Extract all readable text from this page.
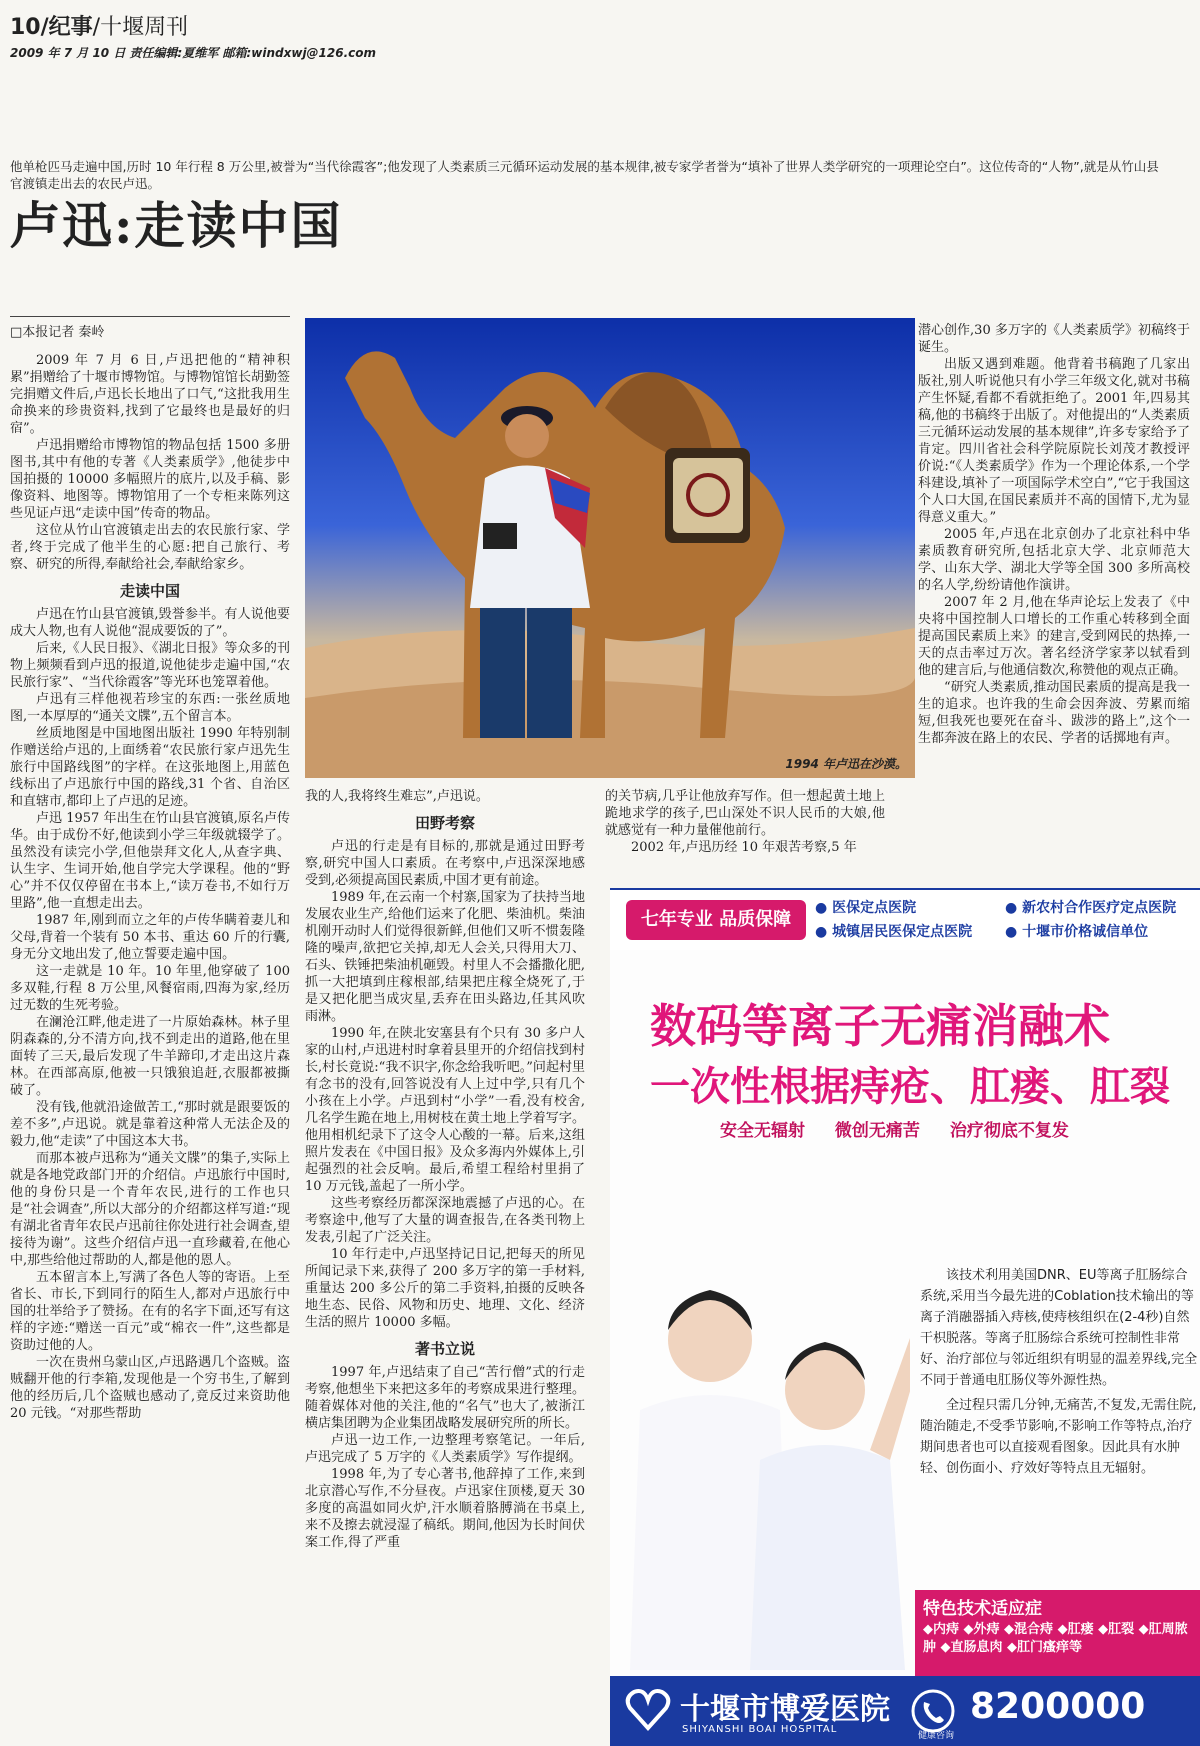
10/纪事/十堰周刊
2009 年 7 月 10 日 责任编辑:夏维军 邮箱:windxwj@126.com
他单枪匹马走遍中国,历时 10 年行程 8 万公里,被誉为“当代徐霞客”;他发现了人类素质三元循环运动发展的基本规律,被专家学者誉为“填补了世界人类学研究的一项理论空白”。这位传奇的“人物”,就是从竹山县官渡镇走出去的农民卢迅。
卢迅:走读中国
□本报记者 秦岭
1994 年卢迅在沙漠。

2009 年 7 月 6 日,卢迅把他的“精神积累”捐赠给了十堰市博物馆。与博物馆馆长胡勤签完捐赠文件后,卢迅长长地出了口气,“这批我用生命换来的珍贵资料,找到了它最终也是最好的归宿”。

卢迅捐赠给市博物馆的物品包括 1500 多册图书,其中有他的专著《人类素质学》,他徒步中国拍摄的 10000 多幅照片的底片,以及手稿、影像资料、地图等。博物馆用了一个专柜来陈列这些见证卢迅“走读中国”传奇的物品。

这位从竹山官渡镇走出去的农民旅行家、学者,终于完成了他半生的心愿:把自己旅行、考察、研究的所得,奉献给社会,奉献给家乡。

走读中国

卢迅在竹山县官渡镇,毁誉参半。有人说他要成大人物,也有人说他“混成要饭的了”。

后来,《人民日报》、《湖北日报》等众多的刊物上频频看到卢迅的报道,说他徒步走遍中国,“农民旅行家”、“当代徐霞客”等光环也笼罩着他。

卢迅有三样他视若珍宝的东西:一张丝质地图,一本厚厚的“通关文牒”,五个留言本。

丝质地图是中国地图出版社 1990 年特别制作赠送给卢迅的,上面绣着“农民旅行家卢迅先生旅行中国路线图”的字样。在这张地图上,用蓝色线标出了卢迅旅行中国的路线,31 个省、自治区和直辖市,都印上了卢迅的足迹。

卢迅 1957 年出生在竹山县官渡镇,原名卢传华。由于成份不好,他读到小学三年级就辍学了。虽然没有读完小学,但他崇拜文化人,从查字典、认生字、生词开始,他自学完大学课程。他的“野心”并不仅仅停留在书本上,“读万卷书,不如行万里路”,他一直想走出去。

1987 年,刚到而立之年的卢传华瞒着妻儿和父母,背着一个装有 50 本书、重达 60 斤的行囊,身无分文地出发了,他立誓要走遍中国。

这一走就是 10 年。10 年里,他穿破了 100 多双鞋,行程 8 万公里,风餐宿雨,四海为家,经历过无数的生死考验。

在澜沧江畔,他走进了一片原始森林。林子里阴森森的,分不清方向,找不到走出的道路,他在里面转了三天,最后发现了牛羊蹄印,才走出这片森林。在西部高原,他被一只饿狼追赶,衣服都被撕破了。

没有钱,他就沿途做苦工,“那时就是跟要饭的差不多”,卢迅说。就是靠着这种常人无法企及的毅力,他“走读”了中国这本大书。

而那本被卢迅称为“通关文牒”的集子,实际上就是各地党政部门开的介绍信。卢迅旅行中国时,他的身份只是一个青年农民,进行的工作也只是“社会调查”,所以大部分的介绍都这样写道:“现有湖北省青年农民卢迅前往你处进行社会调查,望接待为谢”。这些介绍信卢迅一直珍藏着,在他心中,那些给他过帮助的人,都是他的恩人。

五本留言本上,写满了各色人等的寄语。上至省长、市长,下到同行的陌生人,都对卢迅旅行中国的壮举给予了赞扬。在有的名字下面,还写有这样的字迹:“赠送一百元”或“棉衣一件”,这些都是资助过他的人。

一次在贵州乌蒙山区,卢迅路遇几个盗贼。盗贼翻开他的行李箱,发现他是一个穷书生,了解到他的经历后,几个盗贼也感动了,竟反过来资助他 20 元钱。“对那些帮助

我的人,我将终生难忘”,卢迅说。

田野考察

卢迅的行走是有目标的,那就是通过田野考察,研究中国人口素质。在考察中,卢迅深深地感受到,必须提高国民素质,中国才更有前途。

1989 年,在云南一个村寨,国家为了扶持当地发展农业生产,给他们运来了化肥、柴油机。柴油机刚开动时人们觉得很新鲜,但他们又听不惯轰隆隆的噪声,欲把它关掉,却无人会关,只得用大刀、石头、铁锤把柴油机砸毁。村里人不会播撒化肥,抓一大把填到庄稼根部,结果把庄稼全烧死了,于是又把化肥当成灾星,丢弃在田头路边,任其风吹雨淋。

1990 年,在陕北安塞县有个只有 30 多户人家的山村,卢迅进村时拿着县里开的介绍信找到村长,村长竟说:“我不识字,你念给我听吧。”问起村里有念书的没有,回答说没有人上过中学,只有几个小孩在上小学。卢迅到村“小学”一看,没有校舍,几名学生跪在地上,用树枝在黄土地上学着写字。他用相机纪录下了这令人心酸的一幕。后来,这组照片发表在《中国日报》及众多海内外媒体上,引起强烈的社会反响。最后,希望工程给村里捐了 10 万元钱,盖起了一所小学。

这些考察经历都深深地震撼了卢迅的心。在考察途中,他写了大量的调查报告,在各类刊物上发表,引起了广泛关注。

10 年行走中,卢迅坚持记日记,把每天的所见所闻记录下来,获得了 200 多万字的第一手材料,重量达 200 多公斤的第二手资料,拍摄的反映各地生态、民俗、风物和历史、地理、文化、经济生活的照片 10000 多幅。

著书立说

1997 年,卢迅结束了自己“苦行僧”式的行走考察,他想坐下来把这多年的考察成果进行整理。随着媒体对他的关注,他的“名气”也大了,被浙江横店集团聘为企业集团战略发展研究所的所长。

卢迅一边工作,一边整理考察笔记。一年后,卢迅完成了 5 万字的《人类素质学》写作提纲。

1998 年,为了专心著书,他辞掉了工作,来到北京潜心写作,不分昼夜。卢迅家住顶楼,夏天 30 多度的高温如同火炉,汗水顺着胳膊淌在书桌上,来不及擦去就浸湿了稿纸。期间,他因为长时间伏案工作,得了严重

的关节病,几乎让他放弃写作。但一想起黄土地上跪地求学的孩子,巴山深处不识人民币的大娘,他就感觉有一种力量催他前行。

2002 年,卢迅历经 10 年艰苦考察,5 年

潜心创作,30 多万字的《人类素质学》初稿终于诞生。

出版又遇到难题。他背着书稿跑了几家出版社,别人听说他只有小学三年级文化,就对书稿产生怀疑,看都不看就拒绝了。2001 年,四易其稿,他的书稿终于出版了。对他提出的“人类素质三元循环运动发展的基本规律”,许多专家给予了肯定。四川省社会科学院原院长刘茂才教授评价说:“《人类素质学》作为一个理论体系,一个学科建设,填补了一项国际学术空白”,“它于我国这个人口大国,在国民素质并不高的国情下,尤为显得意义重大。”

2005 年,卢迅在北京创办了北京社科中华素质教育研究所,包括北京大学、北京师范大学、山东大学、湖北大学等全国 300 多所高校的名人学,纷纷请他作演讲。

2007 年 2 月,他在华声论坛上发表了《中央将中国控制人口增长的工作重心转移到全面提高国民素质上来》的建言,受到网民的热捧,一天的点击率过万次。著名经济学家茅以轼看到他的建言后,与他通信数次,称赞他的观点正确。

“研究人类素质,推动国民素质的提高是我一生的追求。也许我的生命会因奔波、劳累而缩短,但我死也要死在奋斗、跋涉的路上”,这个一生都奔波在路上的农民、学者的话掷地有声。

七年专业 品质保障
● 医保定点医院	● 新农村合作医疗定点医院 ● 城镇居民医保定点医院 ● 十堰市价格诚信单位
数码等离子无痛消融术
一次性根据痔疮、肛瘘、肛裂
安全无辐射 微创无痛苦 治疗彻底不复发

该技术利用美国DNR、EU等离子肛肠综合系统,采用当今最先进的Coblation技术输出的等离子消融器插入痔核,使痔核组织在(2-4秒)自然干枳脱落。等离子肛肠综合系统可控制性非常好、治疗部位与邻近组织有明显的温差界线,完全不同于普通电肛肠仪等外源性热。

全过程只需几分钟,无痛苦,不复发,无需住院,随治随走,不受季节影响,不影响工作等特点,治疗期间患者也可以直接观看图象。因此具有水肿轻、创伤面小、疗效好等特点且无辐射。

特色技术适应症
◆内痔 ◆外痔 ◆混合痔 ◆肛瘘 ◆肛裂 ◆肛周脓肿 ◆直肠息肉 ◆肛门瘙痒等
十堰市博爱医院
SHIYANSHI BOAI HOSPITAL
健康咨询
8200000
